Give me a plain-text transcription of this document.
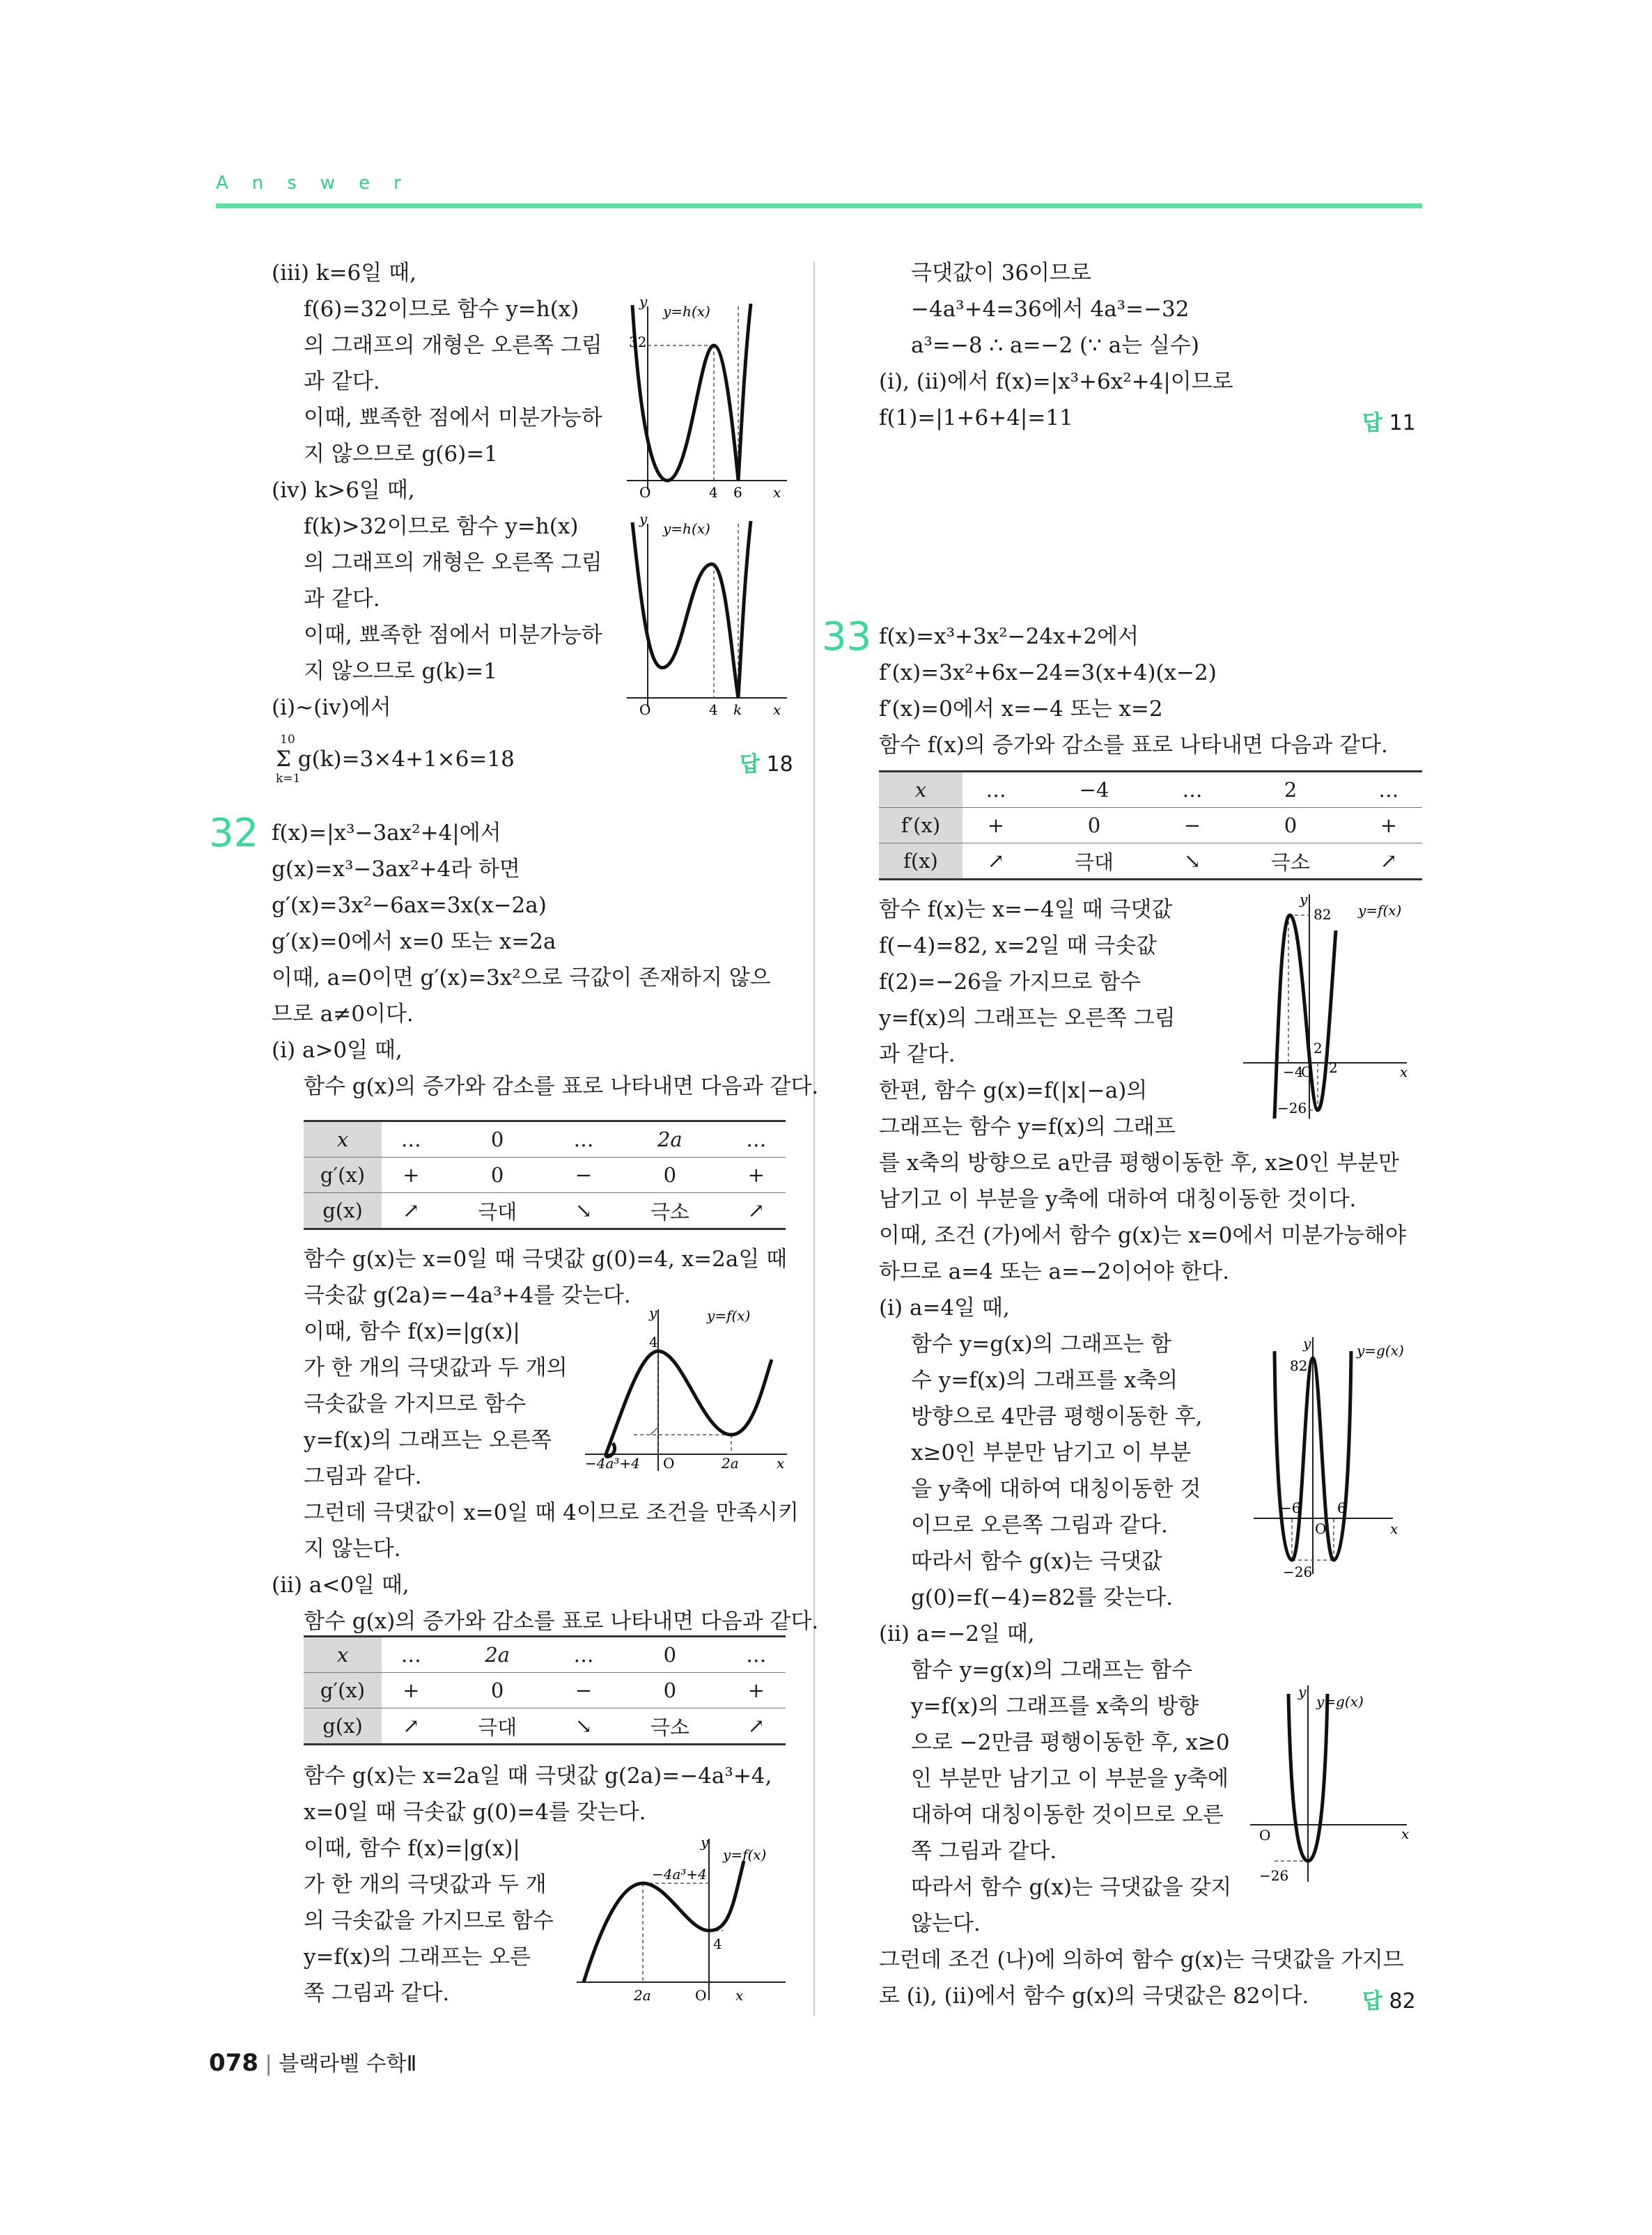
Answer
(ⅲ) k=6일 때,
f(6)=32이므로 함수 y=h(x)
의 그래프의 개형은 오른쪽 그림
과 같다.
이때, 뾰족한 점에서 미분가능하
지 않으므로 g(6)=1
(ⅳ) k>6일 때,
f(k)>32이므로 함수 y=h(x)
의 그래프의 개형은 오른쪽 그림
과 같다.
이때, 뾰족한 점에서 미분가능하
지 않으므로 g(k)=1
(ⅰ)~(ⅳ)에서
Σ g(k)=3×4+1×6=18
10
k=1
답 18
y
y=h(x)
32
O	4 6 x
y
y=h(x)
O	4 k x
32 f(x)=|x³−3ax²+4|에서
g(x)=x³−3ax²+4라 하면
g′(x)=3x²−6ax=3x(x−2a)
g′(x)=0에서 x=0 또는 x=2a
이때, a=0이면 g′(x)=3x²으로 극값이 존재하지 않으
므로 a≠0이다.
(ⅰ) a>0일 때,
함수 g(x)의 증가와 감소를 표로 나타내면 다음과 같다.
x	…	0	…	2a	…
g′(x)	+	0	−	0	+
g(x)	↗	극대	↘	극소	↗
함수 g(x)는 x=0일 때 극댓값 g(0)=4, x=2a일 때
극솟값 g(2a)=−4a³+4를 갖는다.
이때, 함수 f(x)=|g(x)|
가 한 개의 극댓값과 두 개의
극솟값을 가지므로 함수
y=f(x)의 그래프는 오른쪽
그림과 같다.
그런데 극댓값이 x=0일 때 4이므로 조건을 만족시키
지 않는다.
(ⅱ) a<0일 때,
함수 g(x)의 증가와 감소를 표로 나타내면 다음과 같다.
y	y=f(x)
4
−4a³+4 O	2a	x
x	…	2a	…	0	…
g′(x)	+	0	−	0	+
g(x)	↗	극대	↘	극소	↗
함수 g(x)는 x=2a일 때 극댓값 g(2a)=−4a³+4,
x=0일 때 극솟값 g(0)=4를 갖는다.
이때, 함수 f(x)=|g(x)|
가 한 개의 극댓값과 두 개
의 극솟값을 가지므로 함수
y=f(x)의 그래프는 오른
쪽 그림과 같다.
y
y=f(x)
−4a³+4
4
2a	O x
극댓값이 36이므로
−4a³+4=36에서 4a³=−32
a³=−8 ∴ a=−2 (∵ a는 실수)
(ⅰ), (ⅱ)에서 f(x)=|x³+6x²+4|이므로
f(1)=|1+6+4|=11	답 11
33 f(x)=x³+3x²−24x+2에서
f′(x)=3x²+6x−24=3(x+4)(x−2)
f′(x)=0에서 x=−4 또는 x=2
함수 f(x)의 증가와 감소를 표로 나타내면 다음과 같다.
x	…	−4	…	2	…
f′(x)	+	0	−	0	+
f(x)	↗	극대	↘	극소	↗
함수 f(x)는 x=−4일 때 극댓값
f(−4)=82, x=2일 때 극솟값
f(2)=−26을 가지므로 함수
y=f(x)의 그래프는 오른쪽 그림
과 같다.
한편, 함수 g(x)=f(|x|−a)의
그래프는 함수 y=f(x)의 그래프
를 x축의 방향으로 a만큼 평행이동한 후, x≥0인 부분만
남기고 이 부분을 y축에 대하여 대칭이동한 것이다.
이때, 조건 (가)에서 함수 g(x)는 x=0에서 미분가능해야
하므로 a=4 또는 a=−2이어야 한다.
(ⅰ) a=4일 때,
함수 y=g(x)의 그래프는 함
수 y=f(x)의 그래프를 x축의
방향으로 4만큼 평행이동한 후,
x≥0인 부분만 남기고 이 부분
을 y축에 대하여 대칭이동한 것
이므로 오른쪽 그림과 같다.
따라서 함수 g(x)는 극댓값
g(0)=f(−4)=82를 갖는다.
(ⅱ) a=−2일 때,
함수 y=g(x)의 그래프는 함수
y=f(x)의 그래프를 x축의 방향
으로 −2만큼 평행이동한 후, x≥0
인 부분만 남기고 이 부분을 y축에
대하여 대칭이동한 것이므로 오른
쪽 그림과 같다.
따라서 함수 g(x)는 극댓값을 갖지
않는다.
그런데 조건 (나)에 의하여 함수 g(x)는 극댓값을 가지므
로 (ⅰ), (ⅱ)에서 함수 g(x)의 극댓값은 82이다.	답 82
y
y=f(x)
82
−4
2
2
−26
O	x
y	y=g(x)
82
−6	6
−26
O	x
y
y=g(x)
O
−26
x
078 | 블랙라벨 수학Ⅱ
